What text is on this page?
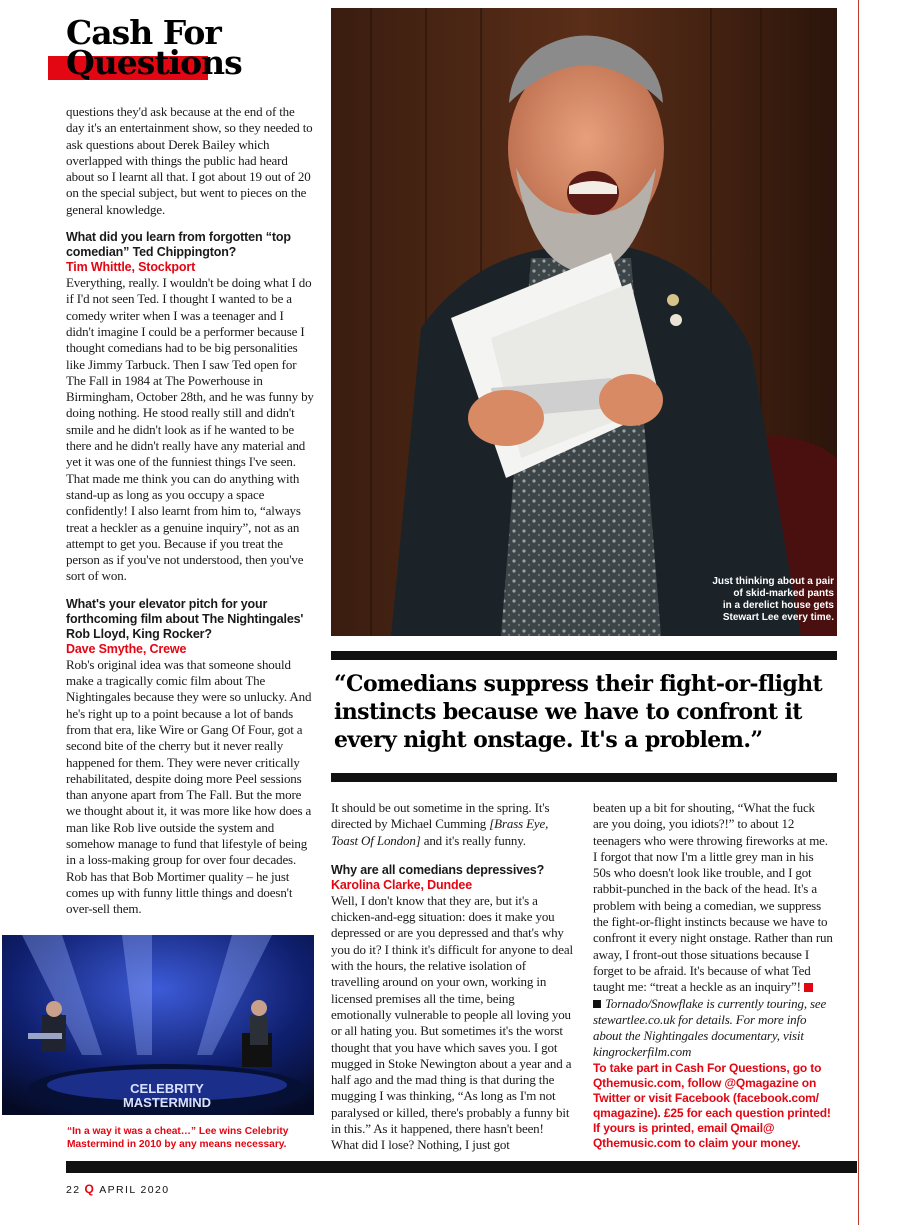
Cash For
Questions

questions they'd ask because at the end of the day it's an entertainment show, so they needed to ask questions about Derek Bailey which overlapped with things the public had heard about so I learnt all that. I got about 19 out of 20 on the special subject, but went to pieces on the general knowledge.

What did you learn from forgotten “top comedian” Ted Chippington?

Tim Whittle, Stockport

Everything, really. I wouldn't be doing what I do if I'd not seen Ted. I thought I wanted to be a comedy writer when I was a teenager and I didn't imagine I could be a performer because I thought comedians had to be big personalities like Jimmy Tarbuck. Then I saw Ted open for The Fall in 1984 at The Powerhouse in Birmingham, October 28th, and he was funny by doing nothing. He stood really still and didn't smile and he didn't look as if he wanted to be there and he didn't really have any material and yet it was one of the funniest things I've seen. That made me think you can do anything with stand-up as long as you occupy a space confidently! I also learnt from him to, “always treat a heckler as a genuine inquiry”, not as an attempt to get you. Because if you treat the person as if you've not understood, then you've sort of won.

What's your elevator pitch for your forthcoming film about The Nightingales' Rob Lloyd, King Rocker?

Dave Smythe, Crewe

Rob's original idea was that someone should make a tragically comic film about The Nightingales because they were so unlucky. And he's right up to a point because a lot of bands from that era, like Wire or Gang Of Four, got a second bite of the cherry but it never really happened for them. They were never critically rehabilitated, despite doing more Peel sessions than anyone apart from The Fall. But the more we thought about it, it was more like how does a man like Rob live outside the system and somehow manage to fund that lifestyle of being in a loss-making group for over four decades. Rob has that Bob Mortimer quality – he just comes up with funny little things and doesn't over-sell them.

Just thinking about a pair
of skid-marked pants
in a derelict house gets
Stewart Lee every time.
“Comedians suppress their fight-or-flight instincts because we have to confront it every night onstage. It's a problem.”

It should be out sometime in the spring. It's directed by Michael Cumming [Brass Eye, Toast Of London] and it's really funny.

Why are all comedians depressives?

Karolina Clarke, Dundee

Well, I don't know that they are, but it's a chicken-and-egg situation: does it make you depressed or are you depressed and that's why you do it? I think it's difficult for anyone to deal with the hours, the relative isolation of travelling around on your own, working in licensed premises all the time, being emotionally vulnerable to people all loving you or all hating you. But sometimes it's the worst thought that you have which saves you. I got mugged in Stoke Newington about a year and a half ago and the mad thing is that during the mugging I was thinking, “As long as I'm not paralysed or killed, there's probably a funny bit in this.” As it happened, there hasn't been! What did I lose? Nothing, I just got

beaten up a bit for shouting, “What the fuck are you doing, you idiots?!” to about 12 teenagers who were throwing fireworks at me. I forgot that now I'm a little grey man in his 50s who doesn't look like trouble, and I got rabbit-punched in the back of the head. It's a problem with being a comedian, we suppress the fight-or-flight instincts because we have to confront it every night onstage. Rather than run away, I front-out those situations because I forget to be afraid. It's because of what Ted taught me: “treat a heckle as an inquiry”!

Tornado/Snowflake is currently touring, see stewartlee.co.uk for details. For more info about the Nightingales documentary, visit kingrockerfilm.com

To take part in Cash For Questions, go to Qthemusic.com, follow @Qmagazine on Twitter or visit Facebook (facebook.com/ qmagazine). £25 for each question printed! If yours is printed, email Qmail@ Qthemusic.com to claim your money.

CELEBRITY
MASTERMIND
“In a way it was a cheat…” Lee wins Celebrity Mastermind in 2010 by any means necessary.
22 Q APRIL 2020
